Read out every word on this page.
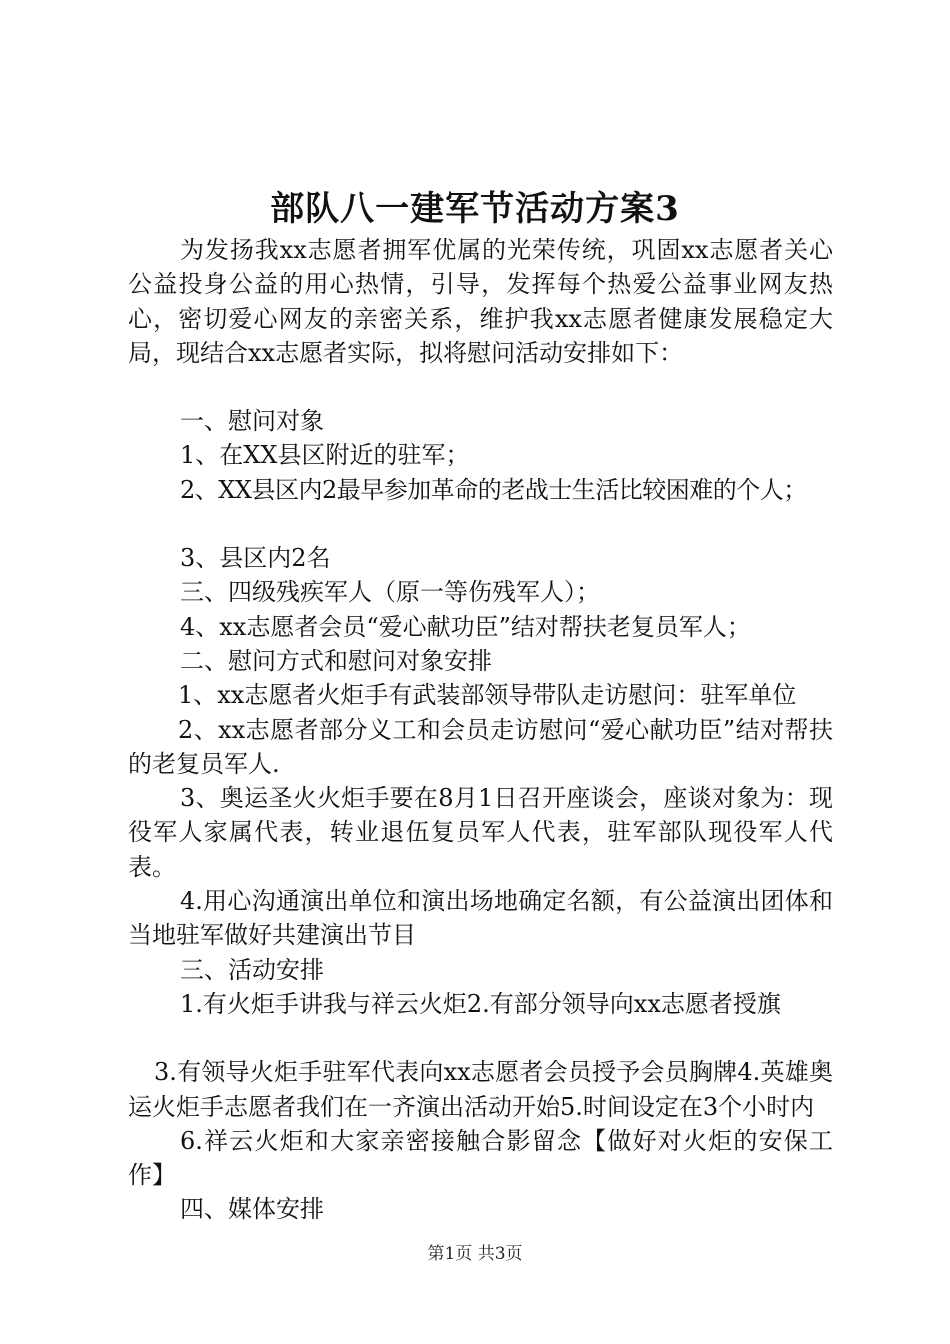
部队八一建军节活动方案3

为发扬我xx志愿者拥军优属的光荣传统，巩固xx志愿者关心公益投身公益的用心热情，引导，发挥每个热爱公益事业网友热心，密切爱心网友的亲密关系，维护我xx志愿者健康发展稳定大局，现结合xx志愿者实际，拟将慰问活动安排如下：

一、慰问对象

1、在XX县区附近的驻军；

2、XX县区内2最早参加革命的老战士生活比较困难的个人；

3、县区内2名

三、四级残疾军人（原一等伤残军人）；

4、xx志愿者会员“爱心献功臣”结对帮扶老复员军人；

二、慰问方式和慰问对象安排

1、xx志愿者火炬手有武装部领导带队走访慰问：驻军单位

2、xx志愿者部分义工和会员走访慰问“爱心献功臣”结对帮扶的老复员军人.

3、奥运圣火火炬手要在8月1日召开座谈会，座谈对象为：现役军人家属代表，转业退伍复员军人代表，驻军部队现役军人代表。

4.用心沟通演出单位和演出场地确定名额，有公益演出团体和当地驻军做好共建演出节目

三、活动安排

1.有火炬手讲我与祥云火炬2.有部分领导向xx志愿者授旗

3.有领导火炬手驻军代表向xx志愿者会员授予会员胸牌4.英雄奥运火炬手志愿者我们在一齐演出活动开始5.时间设定在3个小时内

6.祥云火炬和大家亲密接触合影留念【做好对火炬的安保工作】

四、媒体安排

第1页 共3页
